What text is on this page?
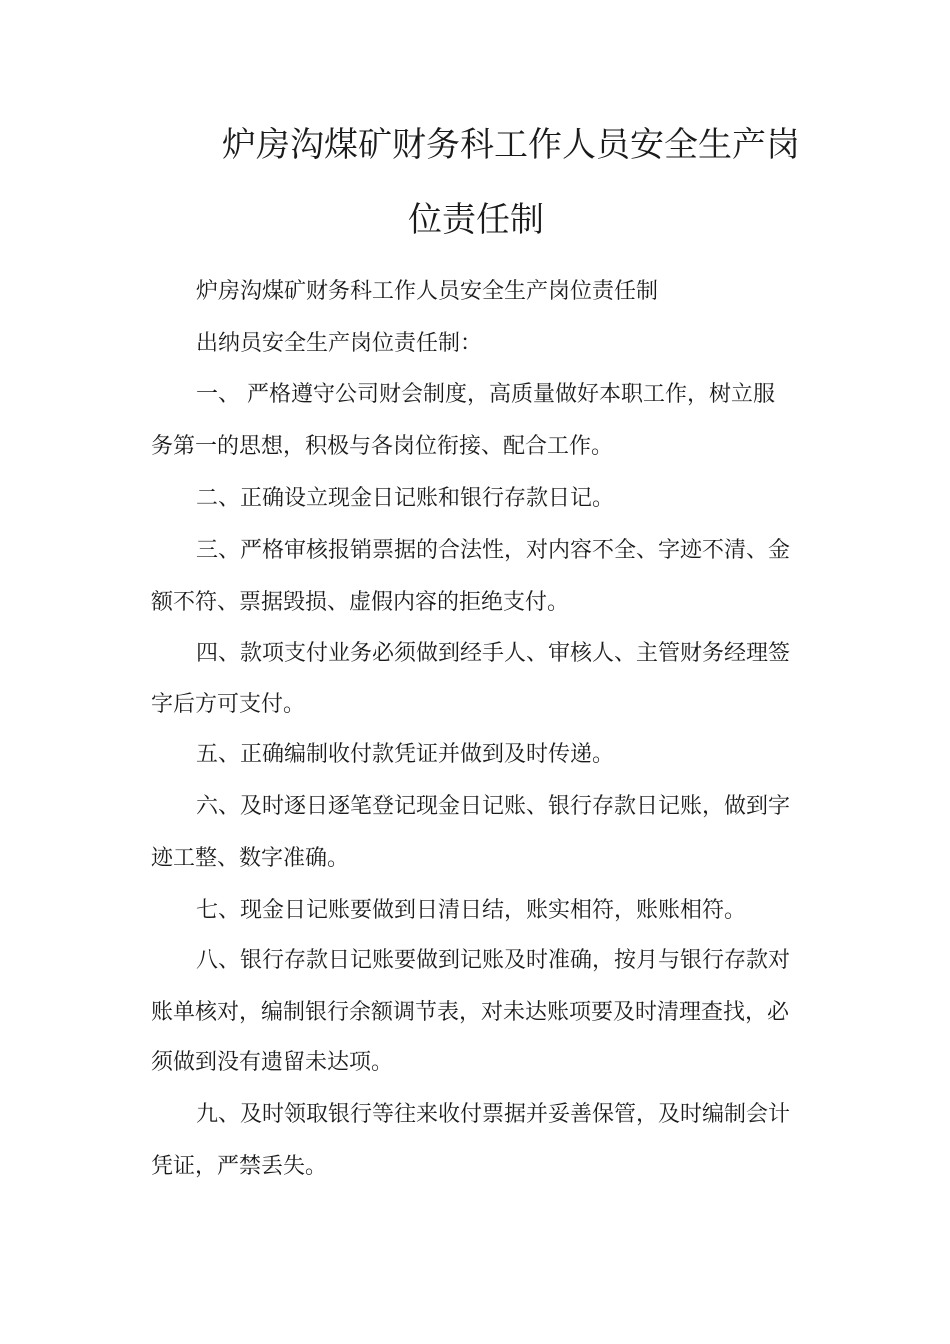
炉房沟煤矿财务科工作人员安全生产岗
位责任制
炉房沟煤矿财务科工作人员安全生产岗位责任制
出纳员安全生产岗位责任制：
一、 严格遵守公司财会制度，高质量做好本职工作，树立服
务第一的思想，积极与各岗位衔接、配合工作。
二、正确设立现金日记账和银行存款日记。
三、严格审核报销票据的合法性，对内容不全、字迹不清、金
额不符、票据毁损、虚假内容的拒绝支付。
四、款项支付业务必须做到经手人、审核人、主管财务经理签
字后方可支付。
五、正确编制收付款凭证并做到及时传递。
六、及时逐日逐笔登记现金日记账、银行存款日记账，做到字
迹工整、数字准确。
七、现金日记账要做到日清日结，账实相符，账账相符。
八、银行存款日记账要做到记账及时准确，按月与银行存款对
账单核对，编制银行余额调节表，对未达账项要及时清理查找，必
须做到没有遗留未达项。
九、及时领取银行等往来收付票据并妥善保管，及时编制会计
凭证，严禁丢失。
